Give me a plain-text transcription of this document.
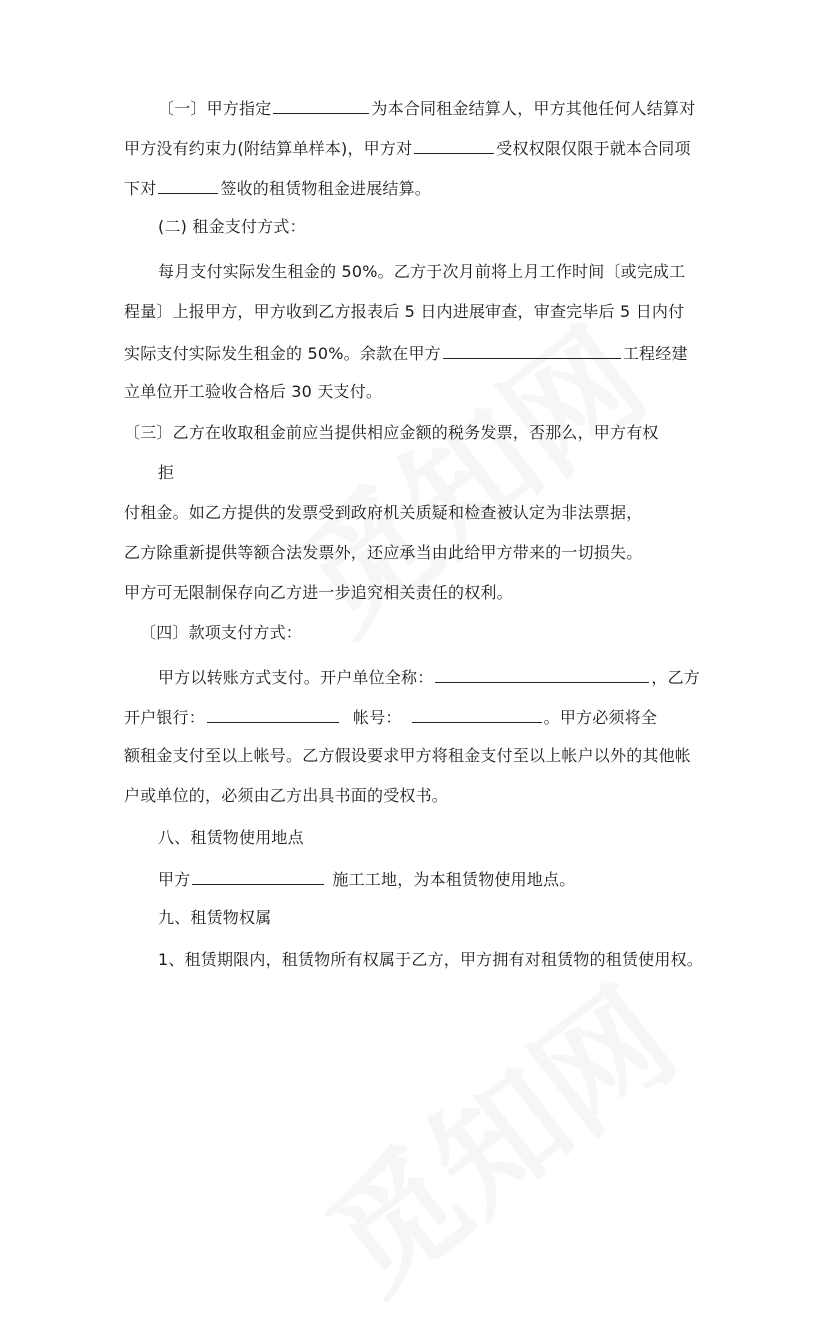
〔一〕甲方指定	为本合同租金结算人，甲方其他任何人结算对
甲方没有约束力(附结算单样本)，甲方对	受权权限仅限于就本合同项
下对	签收的租赁物租金进展结算。
(二) 租金支付方式：
每月支付实际发生租金的 50%。乙方于次月前将上月工作时间〔或完成工
程量〕上报甲方，甲方收到乙方报表后 5 日内进展审查，审查完毕后 5 日内付
实际支付实际发生租金的 50%。余款在甲方	工程经建
立单位开工验收合格后 30 天支付。
〔三〕乙方在收取租金前应当提供相应金额的税务发票，否那么，甲方有权
拒
付租金。如乙方提供的发票受到政府机关质疑和检查被认定为非法票据，
乙方除重新提供等额合法发票外，还应承当由此给甲方带来的一切损失。
甲方可无限制保存向乙方进一步追究相关责任的权利。
〔四〕款项支付方式：
甲方以转账方式支付。开户单位全称：	，乙方
开户银行：	帐号：	。甲方必须将全
额租金支付至以上帐号。乙方假设要求甲方将租金支付至以上帐户以外的其他帐
户或单位的，必须由乙方出具书面的受权书。
八、租赁物使用地点
甲方	施工工地，为本租赁物使用地点。
九、租赁物权属
1、租赁期限内，租赁物所有权属于乙方，甲方拥有对租赁物的租赁使用权。
